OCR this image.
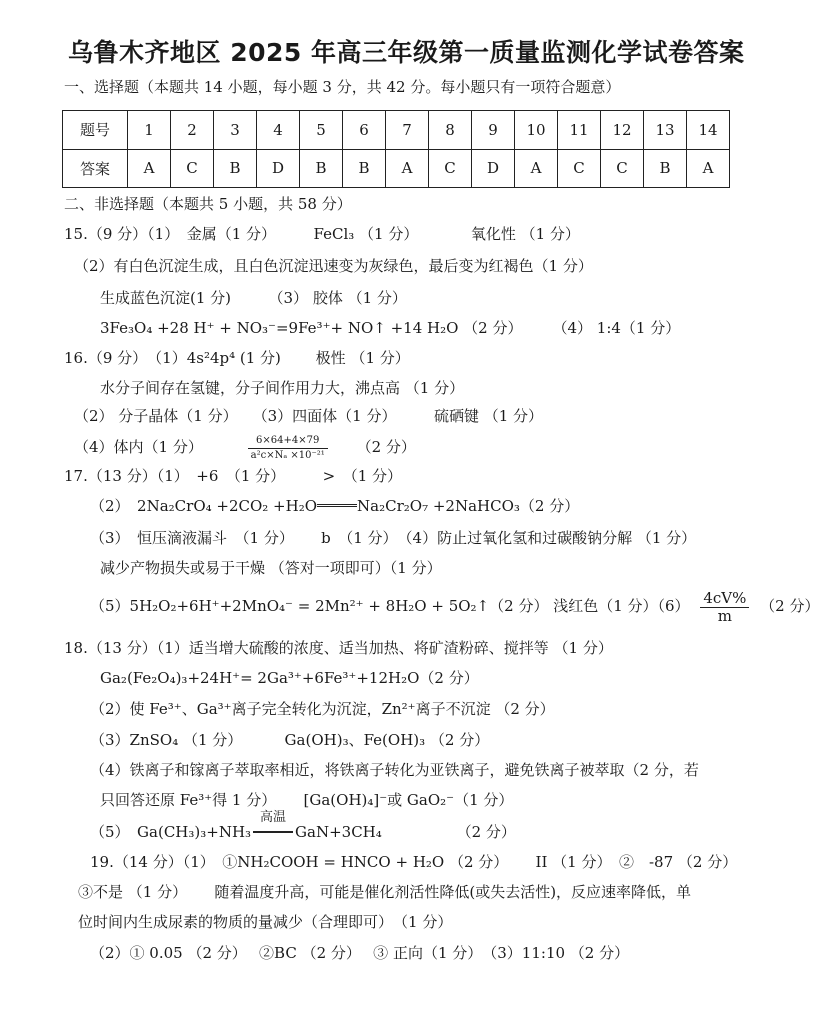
乌鲁木齐地区 2025 年高三年级第一质量监测化学试卷答案
一、选择题（本题共 14 小题，每小题 3 分，共 42 分。每小题只有一项符合题意）
题号	1	2	3	4	5	6	7	8	9	10	11	12	13	14
答案	A	C	B	D	B	B	A	C	D	A	C	C	B	A
二、非选择题（本题共 5 小题，共 58 分）
15.（9 分）（1）　金属（1 分）　　　FeCl₃ （1 分）　　　　氧化性 （1 分）
（2）有白色沉淀生成，且白色沉淀迅速变为灰绿色，最后变为红褐色（1 分）
生成蓝色沉淀(1 分)　　　（3） 胶体 （1 分）
3Fe₃O₄ +28 H⁺ + NO₃⁻=9Fe³⁺+ NO↑ +14 H₂O （2 分）　　　（4） 1:4（1 分）
16.（9 分）　（1）4s²4p⁴ (1 分)　　 极性 （1 分）
水分子间存在氢键，分子间作用力大，沸点高 （1 分）
（2） 分子晶体（1 分）　　（3）四面体（1 分）　　　硫硒键 （1 分）
（4）体内（1 分）	$\frac{6\times 64+4\times 79}{\text{a²c×Nₐ ×10⁻²¹}} (2$ 分）
17.（13 分）（1）　+6　（1 分）　　　>　（1 分）
（2）　2Na₂CrO₄ +2CO₂ +H₂O	Na₂Cr₂O₇ +2NaHCO₃（2 分）
（3）　恒压滴液漏斗　（1 分）　　 b　（1 分）　（4）防止过氧化氢和过碳酸钠分解 （1 分）
减少产物损失或易于干燥 （答对一项即可）（1 分）
（5）5H₂O₂+6H⁺+2MnO₄⁻ = 2Mn²⁺ + 8H₂O + 5O₂↑（2 分） 浅红色（1 分）$(6) \frac{4cV\%}{m} (2$ 分）
18.（13 分）（1）适当增大硫酸的浓度、适当加热、将矿渣粉碎、搅拌等 （1 分）
Ga₂(Fe₂O₄)₃+24H⁺= 2Ga³⁺+6Fe³⁺+12H₂O（2 分）
（2）使 Fe³⁺、Ga³⁺离子完全转化为沉淀，Zn²⁺离子不沉淀 （2 分）
（3）ZnSO₄ （1 分）　　　 Ga(OH)₃、Fe(OH)₃ （2 分）
（4）铁离子和镓离子萃取率相近，将铁离子转化为亚铁离子，避免铁离子被萃取（2 分，若
只回答还原 Fe³⁺得 1 分）　　 [Ga(OH)₄]⁻或 GaO₂⁻（1 分）
（5）　Ga(CH₃)₃+NH₃
高温
GaN+3CH₄	（2 分）
19.（14 分）（1）　①NH₂COOH = HNCO + H₂O （2 分）　　 II （1 分）　②　-87 （2 分）
③不是 （1 分）　　 随着温度升高，可能是催化剂活性降低(或失去活性)，反应速率降低，单
位时间内生成尿素的物质的量减少（合理即可）　（1 分）
（2）① 0.05 （2 分）　 ②BC （2 分）　 ③ 正向（1 分）　（3）11:10 （2 分）
